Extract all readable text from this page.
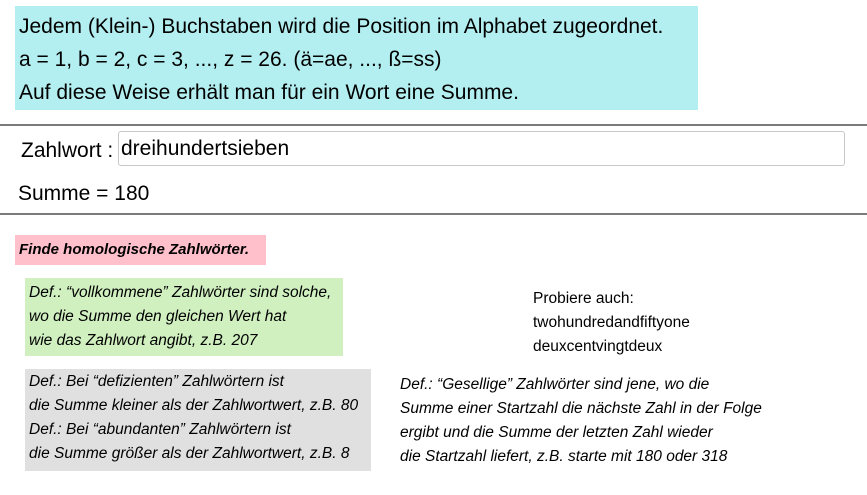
Jedem (Klein-) Buchstaben wird die Position im Alphabet zugeordnet.
a = 1, b = 2, c = 3, ..., z = 26. (ä=ae, ..., ß=ss)
Auf diese Weise erhält man für ein Wort eine Summe.
Zahlwort :
dreihundertsieben
Summe = 180
Finde homologische Zahlwörter.
Def.: “vollkommene” Zahlwörter sind solche,
wo die Summe den gleichen Wert hat
wie das Zahlwort angibt, z.B. 207
Def.: Bei “defizienten” Zahlwörtern ist
die Summe kleiner als der Zahlwortwert, z.B. 80
Def.: Bei “abundanten” Zahlwörtern ist
die Summe größer als der Zahlwortwert, z.B. 8
Probiere auch:
twohundredandfiftyone
deuxcentvingtdeux
Def.: “Gesellige” Zahlwörter sind jene, wo die
Summe einer Startzahl die nächste Zahl in der Folge
ergibt und die Summe der letzten Zahl wieder
die Startzahl liefert, z.B. starte mit 180 oder 318
